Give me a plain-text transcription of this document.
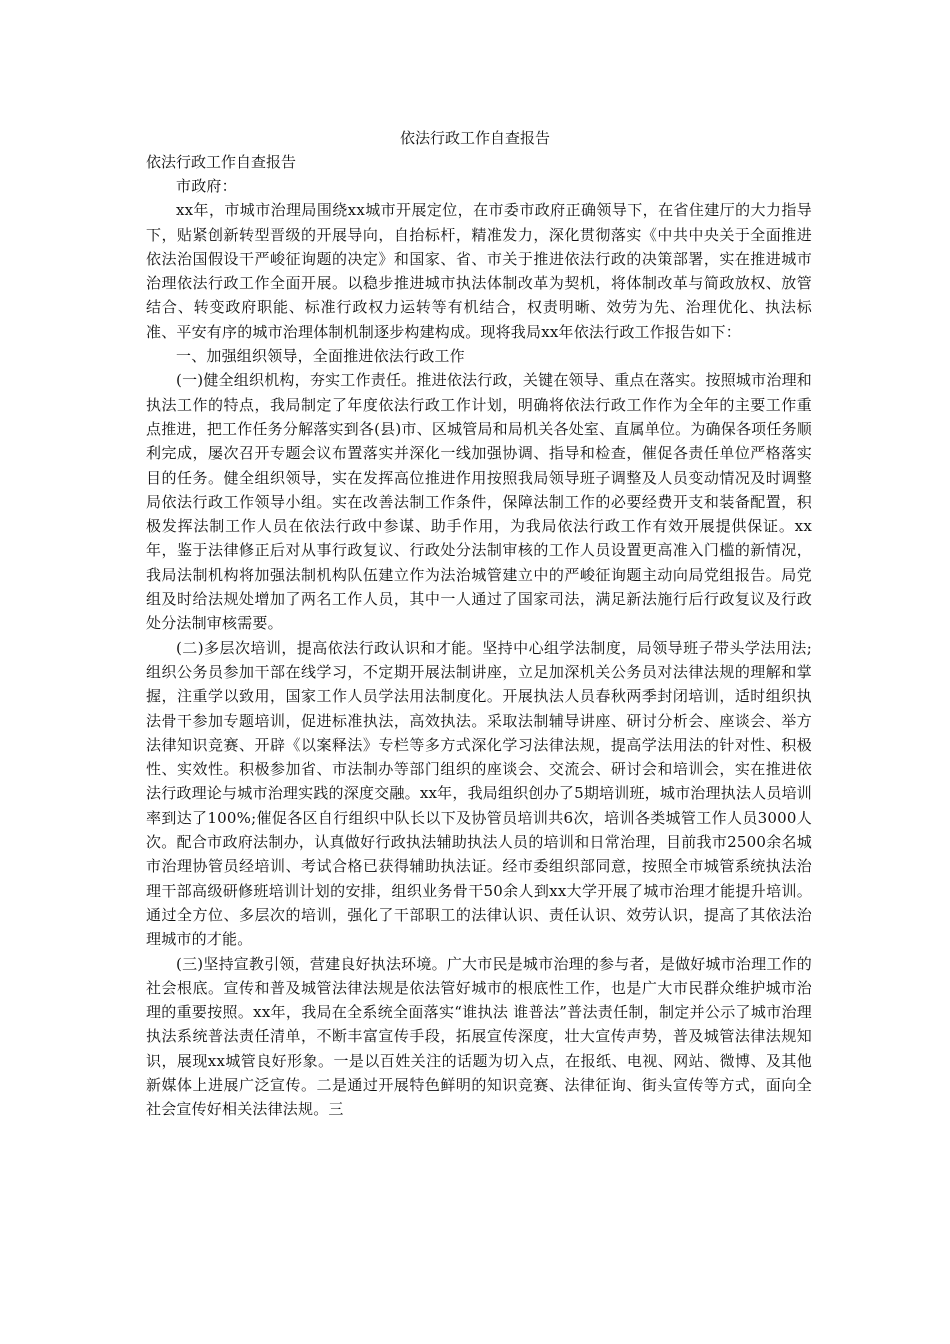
依法行政工作自查报告

依法行政工作自查报告

市政府：

xx年，市城市治理局围绕xx城市开展定位，在市委市政府正确领导下，在省住建厅的大力指导下，贴紧创新转型晋级的开展导向，自抬标杆，精准发力，深化贯彻落实《中共中央关于全面推进依法治国假设干严峻征询题的决定》和国家、省、市关于推进依法行政的决策部署，实在推进城市治理依法行政工作全面开展。以稳步推进城市执法体制改革为契机，将体制改革与简政放权、放管结合、转变政府职能、标准行政权力运转等有机结合，权责明晰、效劳为先、治理优化、执法标准、平安有序的城市治理体制机制逐步构建构成。现将我局xx年依法行政工作报告如下：

一、加强组织领导，全面推进依法行政工作

(一)健全组织机构，夯实工作责任。推进依法行政，关键在领导、重点在落实。按照城市治理和执法工作的特点，我局制定了年度依法行政工作计划，明确将依法行政工作作为全年的主要工作重点推进，把工作任务分解落实到各(县)市、区城管局和局机关各处室、直属单位。为确保各项任务顺利完成，屡次召开专题会议布置落实并深化一线加强协调、指导和检查，催促各责任单位严格落实目的任务。健全组织领导，实在发挥高位推进作用按照我局领导班子调整及人员变动情况及时调整局依法行政工作领导小组。实在改善法制工作条件，保障法制工作的必要经费开支和装备配置，积极发挥法制工作人员在依法行政中参谋、助手作用，为我局依法行政工作有效开展提供保证。xx年，鉴于法律修正后对从事行政复议、行政处分法制审核的工作人员设置更高准入门槛的新情况，我局法制机构将加强法制机构队伍建立作为法治城管建立中的严峻征询题主动向局党组报告。局党组及时给法规处增加了两名工作人员，其中一人通过了国家司法，满足新法施行后行政复议及行政处分法制审核需要。

(二)多层次培训，提高依法行政认识和才能。坚持中心组学法制度，局领导班子带头学法用法;组织公务员参加干部在线学习，不定期开展法制讲座，立足加深机关公务员对法律法规的理解和掌握，注重学以致用，国家工作人员学法用法制度化。开展执法人员春秋两季封闭培训，适时组织执法骨干参加专题培训，促进标准执法，高效执法。采取法制辅导讲座、研讨分析会、座谈会、举方法律知识竞赛、开辟《以案释法》专栏等多方式深化学习法律法规，提高学法用法的针对性、积极性、实效性。积极参加省、市法制办等部门组织的座谈会、交流会、研讨会和培训会，实在推进依法行政理论与城市治理实践的深度交融。xx年，我局组织创办了5期培训班，城市治理执法人员培训率到达了100%;催促各区自行组织中队长以下及协管员培训共6次，培训各类城管工作人员3000人次。配合市政府法制办，认真做好行政执法辅助执法人员的培训和日常治理，目前我市2500余名城市治理协管员经培训、考试合格已获得辅助执法证。经市委组织部同意，按照全市城管系统执法治理干部高级研修班培训计划的安排，组织业务骨干50余人到xx大学开展了城市治理才能提升培训。通过全方位、多层次的培训，强化了干部职工的法律认识、责任认识、效劳认识，提高了其依法治理城市的才能。

(三)坚持宣教引领，营建良好执法环境。广大市民是城市治理的参与者，是做好城市治理工作的社会根底。宣传和普及城管法律法规是依法管好城市的根底性工作，也是广大市民群众维护城市治理的重要按照。xx年，我局在全系统全面落实“谁执法 谁普法”普法责任制，制定并公示了城市治理执法系统普法责任清单，不断丰富宣传手段，拓展宣传深度，壮大宣传声势，普及城管法律法规知识，展现xx城管良好形象。一是以百姓关注的话题为切入点，在报纸、电视、网站、微博、及其他新媒体上进展广泛宣传。二是通过开展特色鲜明的知识竞赛、法律征询、街头宣传等方式，面向全社会宣传好相关法律法规。三
